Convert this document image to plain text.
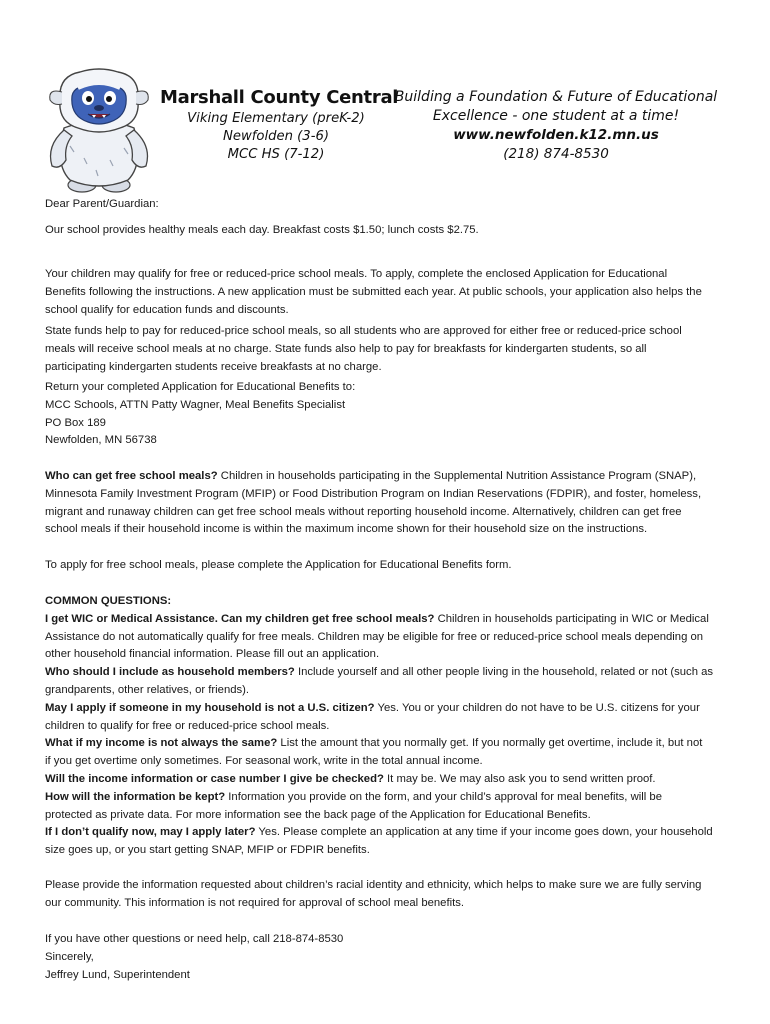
Marshall County Central
Viking Elementary (preK-2)
Newfolden (3-6)
MCC HS (7-12)
Building a Foundation & Future of Educational
Excellence - one student at a time!
www.newfolden.k12.mn.us
(218) 874-8530

Dear Parent/Guardian:

Our school provides healthy meals each day. Breakfast costs $1.50; lunch costs $2.75.

Your children may qualify for free or reduced-price school meals. To apply, complete the enclosed Application for Educational
Benefits following the instructions. A new application must be submitted each year. At public schools, your application also helps the
school qualify for education funds and discounts.

State funds help to pay for reduced-price school meals, so all students who are approved for either free or reduced-price school
meals will receive school meals at no charge. State funds also help to pay for breakfasts for kindergarten students, so all
participating kindergarten students receive breakfasts at no charge.

Return your completed Application for Educational Benefits to:
MCC Schools, ATTN Patty Wagner, Meal Benefits Specialist
PO Box 189
Newfolden, MN 56738

Who can get free school meals? Children in households participating in the Supplemental Nutrition Assistance Program (SNAP),
Minnesota Family Investment Program (MFIP) or Food Distribution Program on Indian Reservations (FDPIR), and foster, homeless,
migrant and runaway children can get free school meals without reporting household income. Alternatively, children can get free
school meals if their household income is within the maximum income shown for their household size on the instructions.

To apply for free school meals, please complete the Application for Educational Benefits form.

COMMON QUESTIONS:
I get WIC or Medical Assistance. Can my children get free school meals? Children in households participating in WIC or Medical
Assistance do not automatically qualify for free meals. Children may be eligible for free or reduced-price school meals depending on
other household financial information. Please fill out an application.
Who should I include as household members? Include yourself and all other people living in the household, related or not (such as
grandparents, other relatives, or friends).
May I apply if someone in my household is not a U.S. citizen? Yes. You or your children do not have to be U.S. citizens for your
children to qualify for free or reduced-price school meals.
What if my income is not always the same? List the amount that you normally get. If you normally get overtime, include it, but not
if you get overtime only sometimes. For seasonal work, write in the total annual income.
Will the income information or case number I give be checked? It may be. We may also ask you to send written proof.
How will the information be kept? Information you provide on the form, and your child’s approval for meal benefits, will be
protected as private data. For more information see the back page of the Application for Educational Benefits.
If I don’t qualify now, may I apply later? Yes. Please complete an application at any time if your income goes down, your household
size goes up, or you start getting SNAP, MFIP or FDPIR benefits.

Please provide the information requested about children’s racial identity and ethnicity, which helps to make sure we are fully serving
our community. This information is not required for approval of school meal benefits.

If you have other questions or need help, call 218-874-8530
Sincerely,
Jeffrey Lund, Superintendent
